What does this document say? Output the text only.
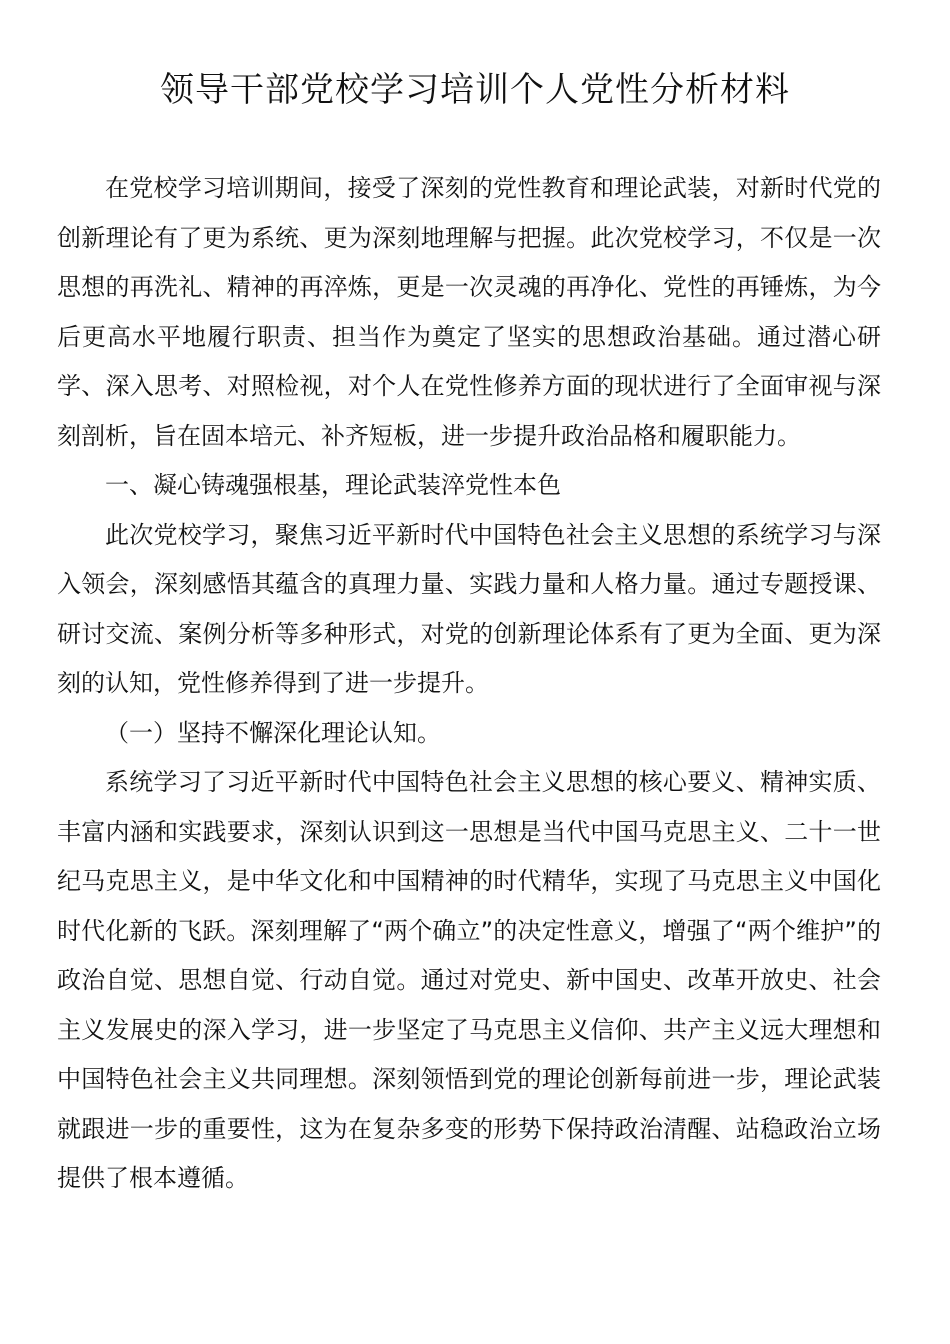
领导干部党校学习培训个人党性分析材料

在党校学习培训期间，接受了深刻的党性教育和理论武装，对新时代党的创新理论有了更为系统、更为深刻地理解与把握。此次党校学习，不仅是一次思想的再洗礼、精神的再淬炼，更是一次灵魂的再净化、党性的再锤炼，为今后更高水平地履行职责、担当作为奠定了坚实的思想政治基础。通过潜心研学、深入思考、对照检视，对个人在党性修养方面的现状进行了全面审视与深刻剖析，旨在固本培元、补齐短板，进一步提升政治品格和履职能力。

一、凝心铸魂强根基，理论武装淬党性本色

此次党校学习，聚焦习近平新时代中国特色社会主义思想的系统学习与深入领会，深刻感悟其蕴含的真理力量、实践力量和人格力量。通过专题授课、研讨交流、案例分析等多种形式，对党的创新理论体系有了更为全面、更为深刻的认知，党性修养得到了进一步提升。

（一）坚持不懈深化理论认知。

系统学习了习近平新时代中国特色社会主义思想的核心要义、精神实质、丰富内涵和实践要求，深刻认识到这一思想是当代中国马克思主义、二十一世纪马克思主义，是中华文化和中国精神的时代精华，实现了马克思主义中国化时代化新的飞跃。深刻理解了“两个确立”的决定性意义，增强了“两个维护”的政治自觉、思想自觉、行动自觉。通过对党史、新中国史、改革开放史、社会主义发展史的深入学习，进一步坚定了马克思主义信仰、共产主义远大理想和中国特色社会主义共同理想。深刻领悟到党的理论创新每前进一步，理论武装就跟进一步的重要性，这为在复杂多变的形势下保持政治清醒、站稳政治立场提供了根本遵循。
